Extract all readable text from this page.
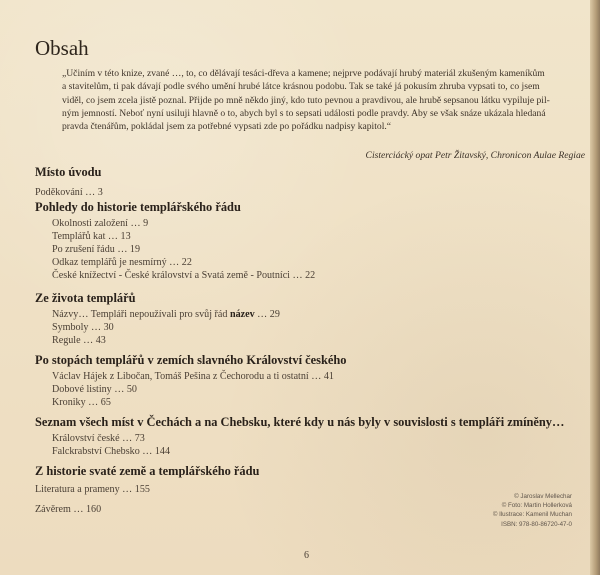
Obsah
„Učiním v této knize, zvané …, to, co dělávají tesáci-dřeva a kamene; nejprve podávají hrubý materiál zkušeným kameníkům
a stavitelům, ti pak dávají podle svého umění hrubé látce krásnou podobu. Tak se také já pokusím zhruba vypsati to, co jsem
viděl, co jsem zcela jistě poznal. Přijde po mně někdo jiný, kdo tuto pevnou a pravdivou, ale hrubě sepsanou látku vypiluje pil-
ným jemností. Neboť nyní usiluji hlavně o to, abych byl s to sepsati události podle pravdy. Aby se však snáze ukázala hledaná
pravda čtenářům, pokládal jsem za potřebné vypsati zde po pořádku nadpisy kapitol.“
Cisterciácký opat Petr Žitavský, Chronicon Aulae Regiae
Místo úvodu
Poděkování … 3
Pohledy do historie templářského řádu
Okolnosti založení … 9
Templářů kat … 13
Po zrušení řádu … 19
Odkaz templářů je nesmírný … 22
České knížectví - České království a Svatá země - Poutníci … 22
Ze života templářů
Názvy… Templáři nepoužívali pro svůj řád název … 29
Symboly … 30
Regule … 43
Po stopách templářů v zemích slavného Království českého
Václav Hájek z Libočan, Tomáš Pešina z Čechorodu a ti ostatní … 41
Dobové listiny … 50
Kroniky … 65
Seznam všech míst v Čechách a na Chebsku, které kdy u nás byly v souvislosti s templáři zmíněny…
Království české … 73
Falckrabství Chebsko … 144
Z historie svaté země a templářského řádu
Literatura a prameny … 155
Závěrem … 160
© Jaroslav Mellechar
© Foto: Martin Hollerková
© Ilustrace: Kamenil Muchan
ISBN: 978-80-86720-47-0
6
